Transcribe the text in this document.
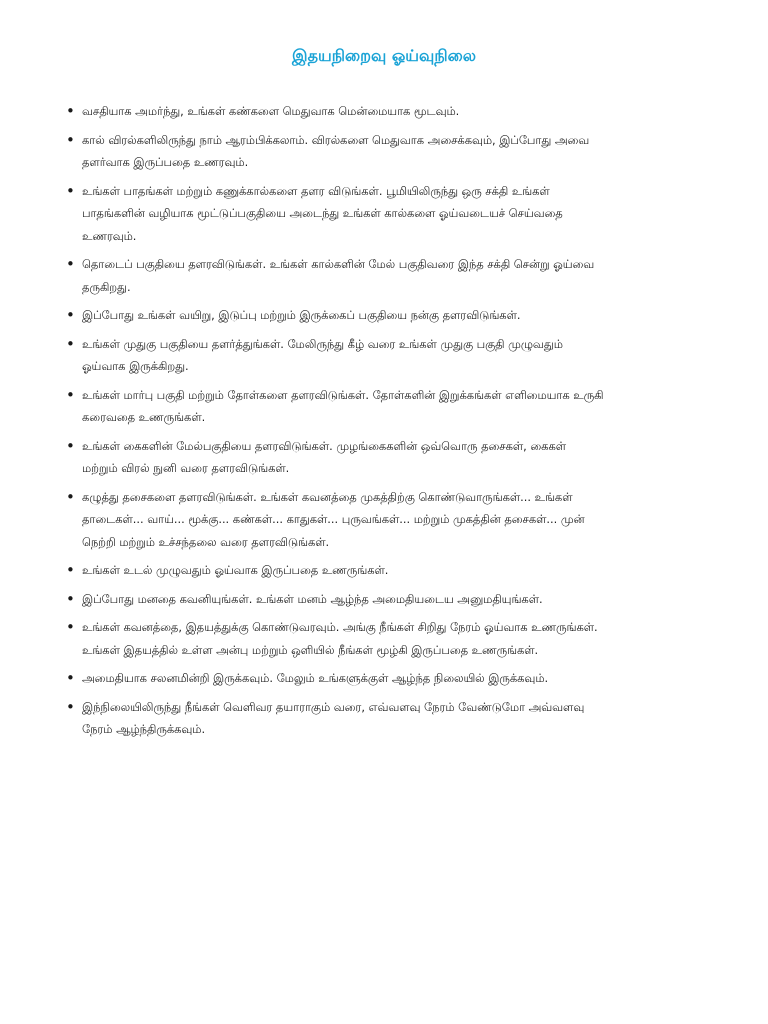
இதயநிறைவு ஓய்வுநிலை
• வசதியாக அமர்ந்து, உங்கள் கண்களை மெதுவாக மென்மையாக மூடவும்.
• கால் விரல்களிலிருந்து நாம் ஆரம்பிக்கலாம். விரல்களை மெதுவாக அசைக்கவும், இப்போது அவை
தளர்வாக இருப்பதை உணரவும்.
• உங்கள் பாதங்கள் மற்றும் கணுக்கால்களை தளர விடுங்கள். பூமியிலிருந்து ஒரு சக்தி உங்கள்
பாதங்களின் வழியாக மூட்டுப்பகுதியை அடைந்து உங்கள் கால்களை ஓய்வடையச் செய்வதை
உணரவும்.
• தொடைப் பகுதியை தளரவிடுங்கள். உங்கள் கால்களின் மேல் பகுதிவரை இந்த சக்தி சென்று ஓய்வை
தருகிறது.
• இப்போது உங்கள் வயிறு, இடுப்பு மற்றும் இருக்கைப் பகுதியை நன்கு தளரவிடுங்கள்.
• உங்கள் முதுகு பகுதியை தளர்த்துங்கள். மேலிருந்து கீழ் வரை உங்கள் முதுகு பகுதி முழுவதும்
ஓய்வாக இருக்கிறது.
• உங்கள் மார்பு பகுதி மற்றும் தோள்களை தளரவிடுங்கள். தோள்களின் இறுக்கங்கள் எளிமையாக உருகி
கரைவதை உணருங்கள்.
• உங்கள் கைகளின் மேல்பகுதியை தளரவிடுங்கள். முழங்கைகளின் ஒவ்வொரு தசைகள், கைகள்
மற்றும் விரல் நுனி வரை தளரவிடுங்கள்.
• கழுத்து தசைகளை தளரவிடுங்கள். உங்கள் கவனத்தை முகத்திற்கு கொண்டுவாருங்கள்... உங்கள்
தாடைகள்... வாய்... மூக்கு... கண்கள்... காதுகள்... புருவங்கள்... மற்றும் முகத்தின் தசைகள்... முன்
நெற்றி மற்றும் உச்சந்தலை வரை தளரவிடுங்கள்.
• உங்கள் உடல் முழுவதும் ஓய்வாக இருப்பதை உணருங்கள்.
• இப்போது மனதை கவனியுங்கள். உங்கள் மனம் ஆழ்ந்த அமைதியடைய அனுமதியுங்கள்.
• உங்கள் கவனத்தை, இதயத்துக்கு கொண்டுவரவும். அங்கு நீங்கள் சிறிது நேரம் ஓய்வாக உணருங்கள்.
உங்கள் இதயத்தில் உள்ள அன்பு மற்றும் ஒளியில் நீங்கள் மூழ்கி இருப்பதை உணருங்கள்.
• அமைதியாக சலனமின்றி இருக்கவும். மேலும் உங்களுக்குள் ஆழ்ந்த நிலையில் இருக்கவும்.
• இந்நிலையிலிருந்து நீங்கள் வெளிவர தயாராகும் வரை, எவ்வளவு நேரம் வேண்டுமோ அவ்வளவு
நேரம் ஆழ்ந்திருக்கவும்.
